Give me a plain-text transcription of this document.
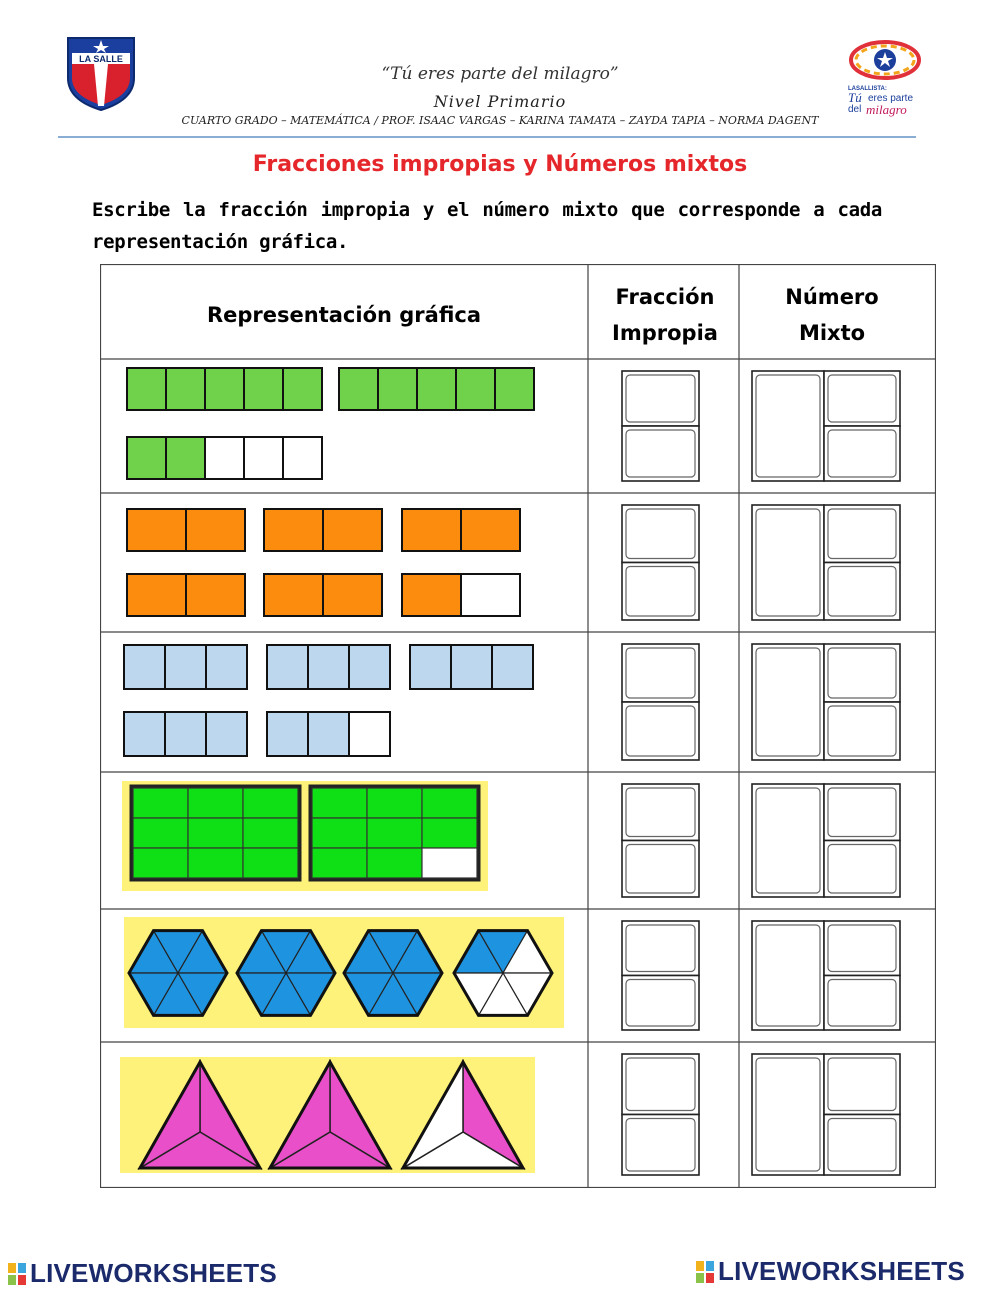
LA SALLE
LASALLISTA:
Tú eres parte
del milagro
“Tú eres parte del milagro”
Nivel Primario
CUARTO GRADO – MATEMÁTICA / PROF. ISAAC VARGAS – KARINA TAMATA – ZAYDA TAPIA – NORMA DAGENT
Fracciones impropias y Números mixtos
Escribe la fracción impropia y el número mixto que corresponde a cada representación gráfica.
Representación gráfica
Fracción
Impropia
Número
Mixto
LIVEWORKSHEETS	LIVEWORKSHEETS
